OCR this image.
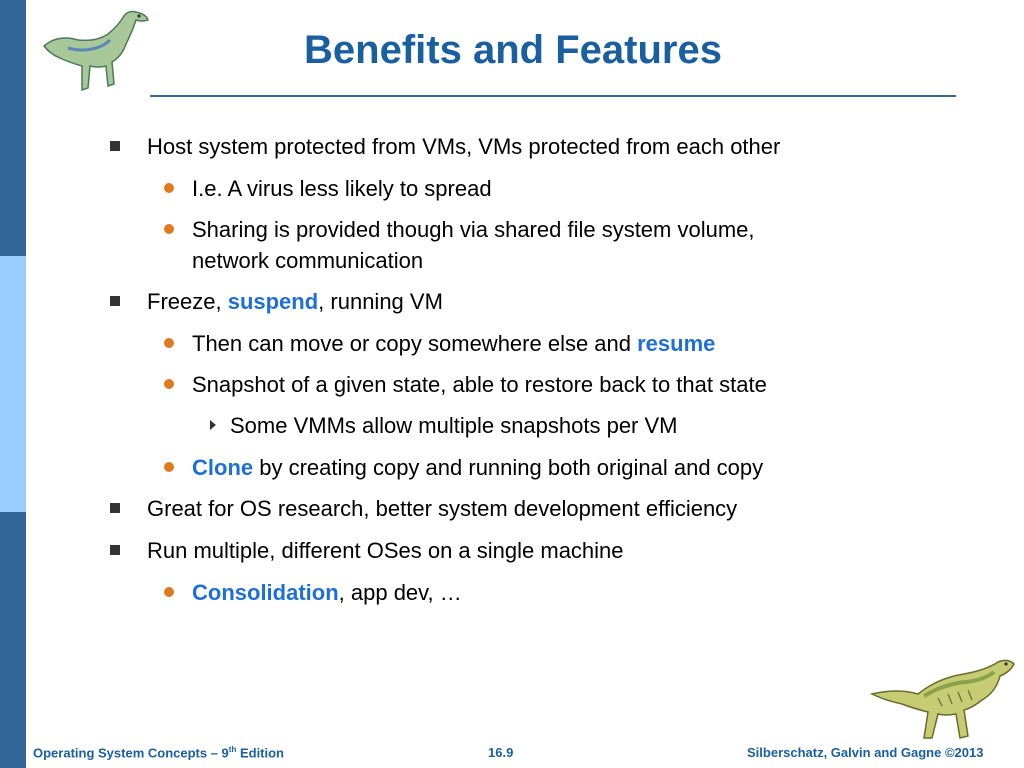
Benefits and Features
Host system protected from VMs, VMs protected from each other
I.e. A virus less likely to spread
Sharing is provided though via shared file system volume,
network communication
Freeze, suspend, running VM
Then can move or copy somewhere else and resume
Snapshot of a given state, able to restore back to that state
Some VMMs allow multiple snapshots per VM
Clone by creating copy and running both original and copy
Great for OS research, better system development efficiency
Run multiple, different OSes on a single machine
Consolidation, app dev, …
Operating System Concepts – 9th Edition	16.9	Silberschatz, Galvin and Gagne ©2013
